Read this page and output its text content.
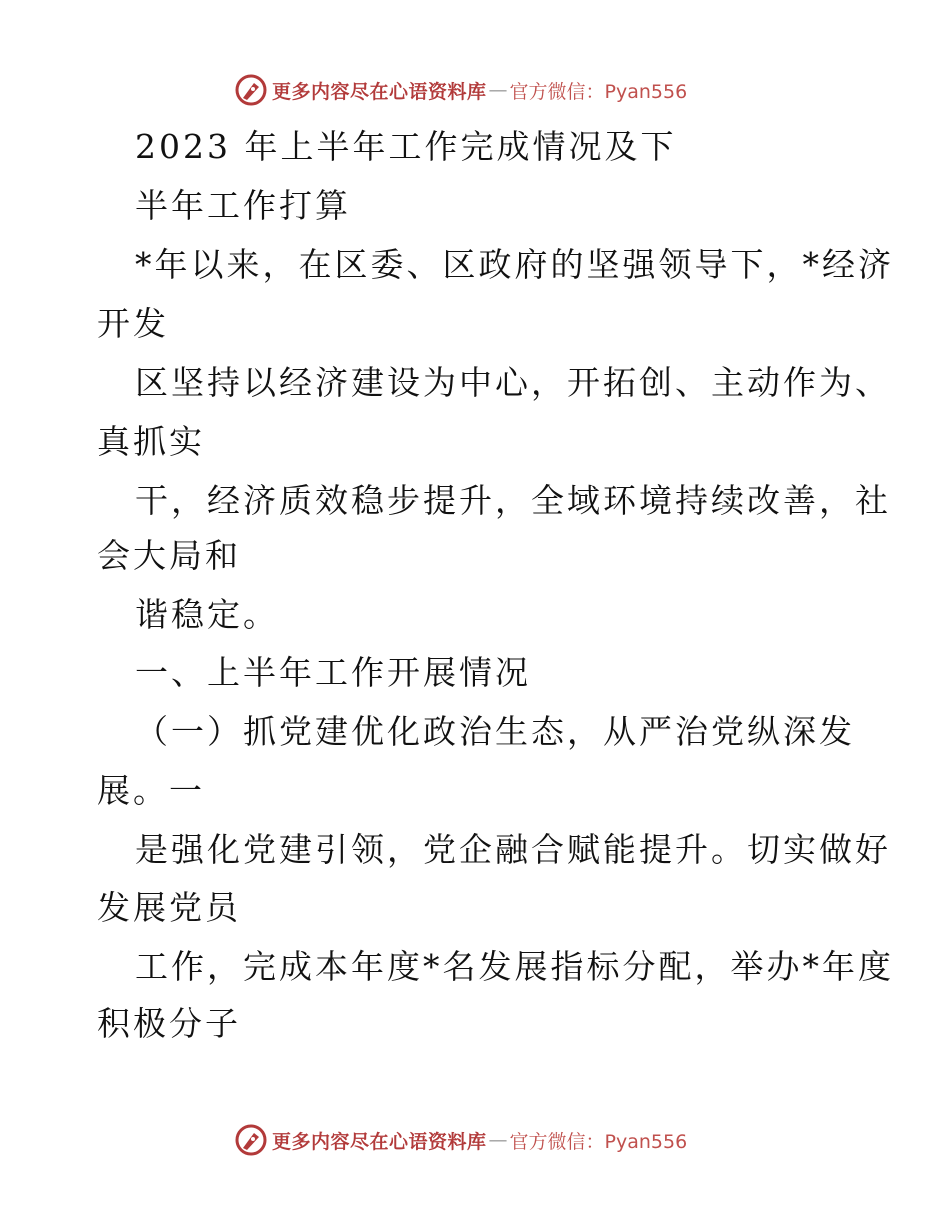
更多内容尽在心语资料库 — 官方微信：Pyan556
2023 年上半年工作完成情况及下
半年工作打算
*年以来，在区委、区政府的坚强领导下，*经济
开发
区坚持以经济建设为中心，开拓创、主动作为、
真抓实
干，经济质效稳步提升，全域环境持续改善，社
会大局和
谐稳定。
一、上半年工作开展情况
（一）抓党建优化政治生态，从严治党纵深发
展。一
是强化党建引领，党企融合赋能提升。切实做好
发展党员
工作，完成本年度*名发展指标分配，举办*年度
积极分子
更多内容尽在心语资料库 — 官方微信：Pyan556
